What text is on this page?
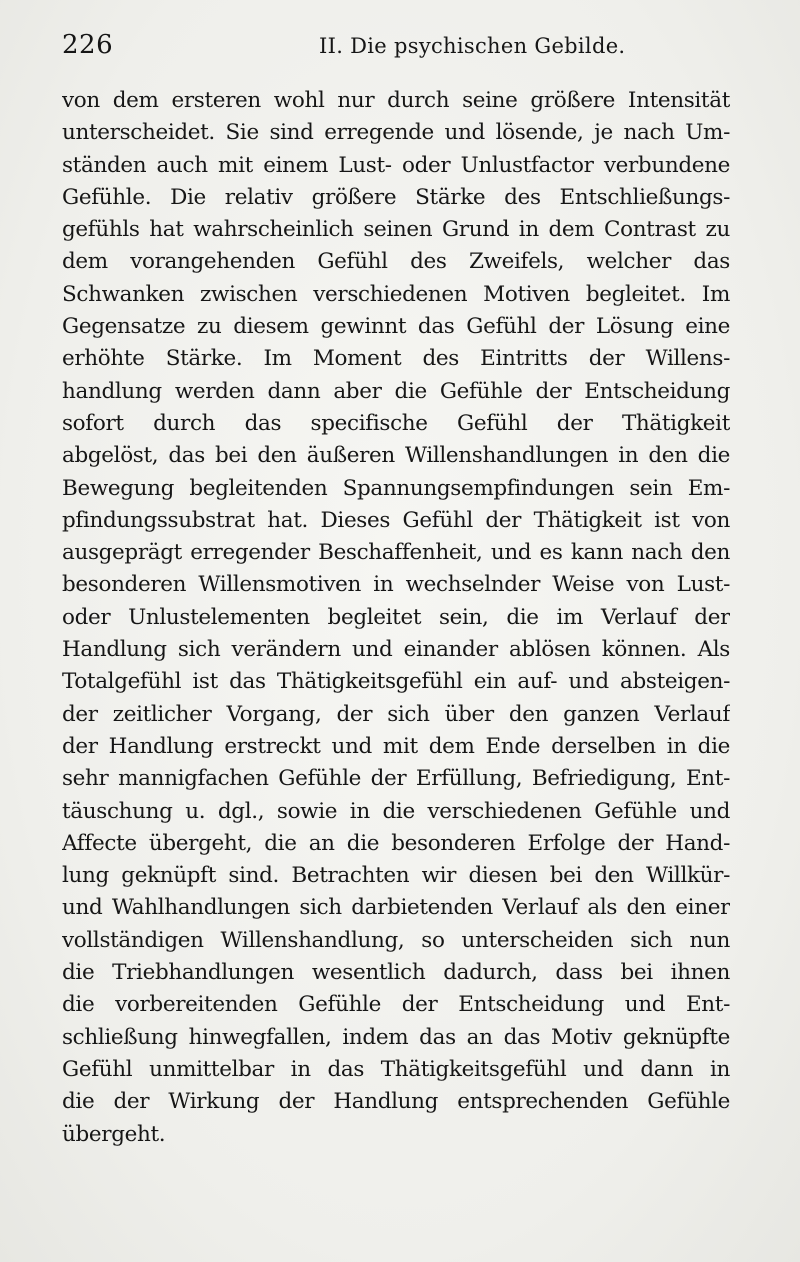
226	II. Die psychischen Gebilde.
von dem ersteren wohl nur durch seine größere Intensität
unterscheidet. Sie sind erregende und lösende, je nach Um-
ständen auch mit einem Lust- oder Unlustfactor verbundene
Gefühle. Die relativ größere Stärke des Entschließungs-
gefühls hat wahrscheinlich seinen Grund in dem Contrast zu
dem vorangehenden Gefühl des Zweifels, welcher das
Schwanken zwischen verschiedenen Motiven begleitet. Im
Gegensatze zu diesem gewinnt das Gefühl der Lösung eine
erhöhte Stärke. Im Moment des Eintritts der Willens-
handlung werden dann aber die Gefühle der Entscheidung
sofort durch das specifische Gefühl der Thätigkeit
abgelöst, das bei den äußeren Willenshandlungen in den die
Bewegung begleitenden Spannungsempfindungen sein Em-
pfindungssubstrat hat. Dieses Gefühl der Thätigkeit ist von
ausgeprägt erregender Beschaffenheit, und es kann nach den
besonderen Willensmotiven in wechselnder Weise von Lust-
oder Unlustelementen begleitet sein, die im Verlauf der
Handlung sich verändern und einander ablösen können. Als
Totalgefühl ist das Thätigkeitsgefühl ein auf- und absteigen-
der zeitlicher Vorgang, der sich über den ganzen Verlauf
der Handlung erstreckt und mit dem Ende derselben in die
sehr mannigfachen Gefühle der Erfüllung, Befriedigung, Ent-
täuschung u. dgl., sowie in die verschiedenen Gefühle und
Affecte übergeht, die an die besonderen Erfolge der Hand-
lung geknüpft sind. Betrachten wir diesen bei den Willkür-
und Wahlhandlungen sich darbietenden Verlauf als den einer
vollständigen Willenshandlung, so unterscheiden sich nun
die Triebhandlungen wesentlich dadurch, dass bei ihnen
die vorbereitenden Gefühle der Entscheidung und Ent-
schließung hinwegfallen, indem das an das Motiv geknüpfte
Gefühl unmittelbar in das Thätigkeitsgefühl und dann in
die der Wirkung der Handlung entsprechenden Gefühle
übergeht.
